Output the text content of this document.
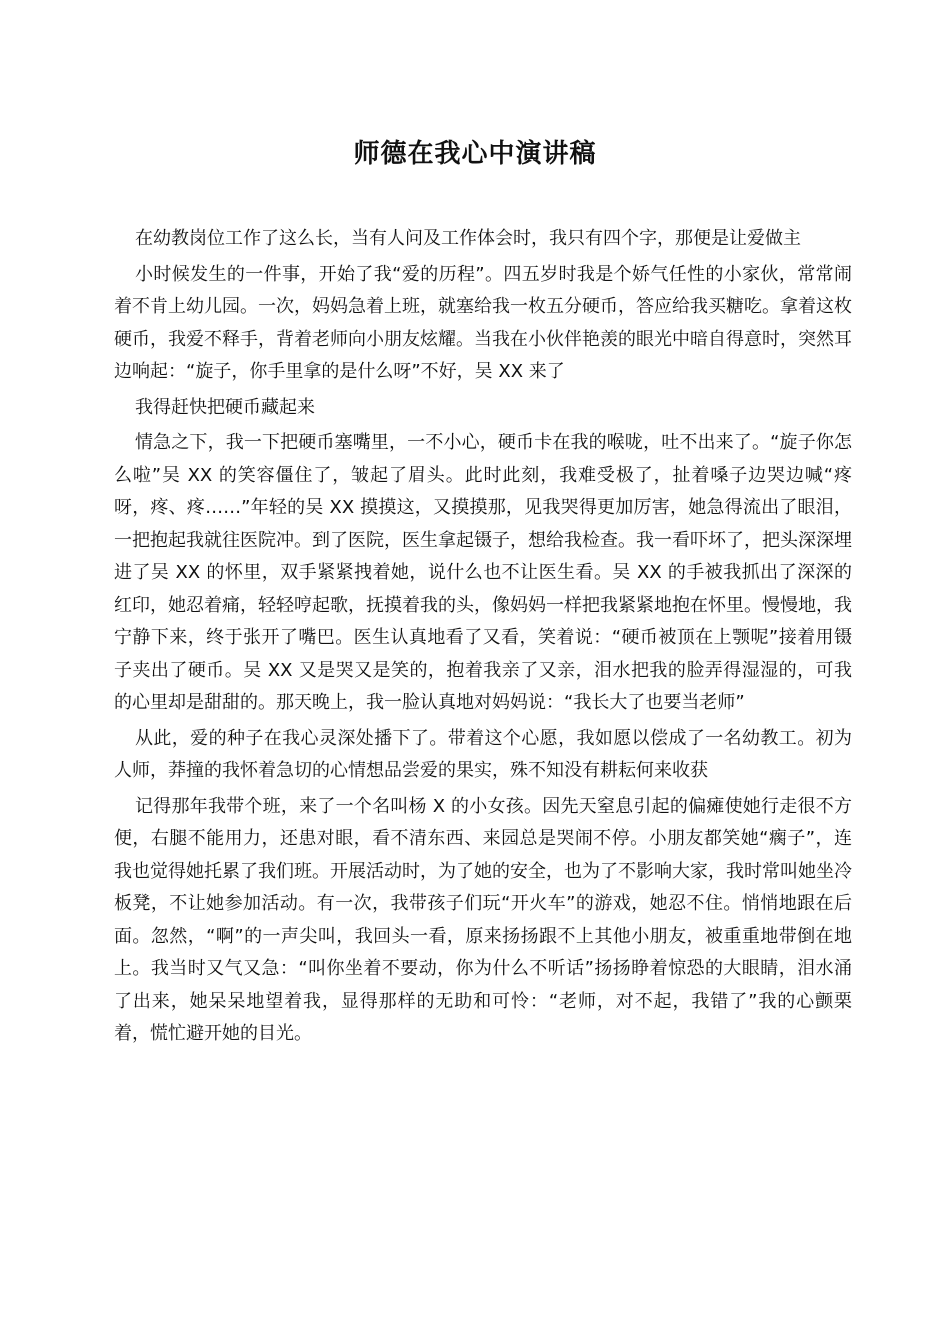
师德在我心中演讲稿

在幼教岗位工作了这么长，当有人问及工作体会时，我只有四个字，那便是让爱做主

小时候发生的一件事，开始了我“爱的历程”。四五岁时我是个娇气任性的小家伙，常常闹着不肯上幼儿园。一次，妈妈急着上班，就塞给我一枚五分硬币，答应给我买糖吃。拿着这枚硬币，我爱不释手，背着老师向小朋友炫耀。当我在小伙伴艳羡的眼光中暗自得意时，突然耳边响起：“旋子，你手里拿的是什么呀”不好，吴 XX 来了

我得赶快把硬币藏起来

情急之下，我一下把硬币塞嘴里，一不小心，硬币卡在我的喉咙，吐不出来了。“旋子你怎么啦”吴 XX 的笑容僵住了，皱起了眉头。此时此刻，我难受极了，扯着嗓子边哭边喊“疼呀，疼、疼……”年轻的吴 XX 摸摸这，又摸摸那，见我哭得更加厉害，她急得流出了眼泪，一把抱起我就往医院冲。到了医院，医生拿起镊子，想给我检查。我一看吓坏了，把头深深埋进了吴 XX 的怀里，双手紧紧拽着她，说什么也不让医生看。吴 XX 的手被我抓出了深深的红印，她忍着痛，轻轻哼起歌，抚摸着我的头，像妈妈一样把我紧紧地抱在怀里。慢慢地，我宁静下来，终于张开了嘴巴。医生认真地看了又看，笑着说：“硬币被顶在上颚呢”接着用镊子夹出了硬币。吴 XX 又是哭又是笑的，抱着我亲了又亲，泪水把我的脸弄得湿湿的，可我的心里却是甜甜的。那天晚上，我一脸认真地对妈妈说：“我长大了也要当老师”

从此，爱的种子在我心灵深处播下了。带着这个心愿，我如愿以偿成了一名幼教工。初为人师，莽撞的我怀着急切的心情想品尝爱的果实，殊不知没有耕耘何来收获

记得那年我带个班，来了一个名叫杨 X 的小女孩。因先天窒息引起的偏瘫使她行走很不方便，右腿不能用力，还患对眼，看不清东西、来园总是哭闹不停。小朋友都笑她“瘸子”，连我也觉得她托累了我们班。开展活动时，为了她的安全，也为了不影响大家，我时常叫她坐冷板凳，不让她参加活动。有一次，我带孩子们玩“开火车”的游戏，她忍不住。悄悄地跟在后面。忽然，“啊”的一声尖叫，我回头一看，原来扬扬跟不上其他小朋友，被重重地带倒在地上。我当时又气又急：“叫你坐着不要动，你为什么不听话”扬扬睁着惊恐的大眼睛，泪水涌了出来，她呆呆地望着我，显得那样的无助和可怜：“老师，对不起，我错了”我的心颤栗着，慌忙避开她的目光。
